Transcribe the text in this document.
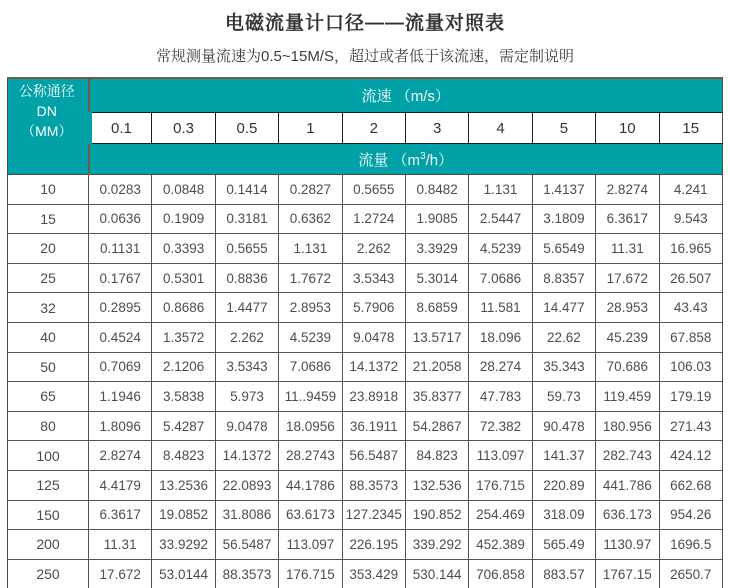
电磁流量计口径——流量对照表
常规测量流速为0.5~15M/S，超过或者低于该流速，需定制说明
公称通径DN
（MM）	流速 （m/s）									
	0.1	0.3	0.5	1	2	3	4	5	10	15
	流量 $(m^3/h)$									
10	0.0283	0.0848	0.1414	0.2827	0.5655	0.8482	1.131	1.4137	2.8274	4.241
15	0.0636	0.1909	0.3181	0.6362	1.2724	1.9085	2.5447	3.1809	6.3617	9.543
20	0.1131	0.3393	0.5655	1.131	2.262	3.3929	4.5239	5.6549	11.31	16.965
25	0.1767	0.5301	0.8836	1.7672	3.5343	5.3014	7.0686	8.8357	17.672	26.507
32	0.2895	0.8686	1.4477	2.8953	5.7906	8.6859	11.581	14.477	28.953	43.43
40	0.4524	1.3572	2.262	4.5239	9.0478	13.5717	18.096	22.62	45.239	67.858
50	0.7069	2.1206	3.5343	7.0686	14.1372	21.2058	28.274	35.343	70.686	106.03
65	1.1946	3.5838	5.973	11..9459	23.8918	35.8377	47.783	59.73	119.459	179.19
80	1.8096	5.4287	9.0478	18.0956	36.1911	54.2867	72.382	90.478	180.956	271.43
100	2.8274	8.4823	14.1372	28.2743	56.5487	84.823	113.097	141.37	282.743	424.12
125	4.4179	13.2536	22.0893	44.1786	88.3573	132.536	176.715	220.89	441.786	662.68
150	6.3617	19.0852	31.8086	63.6173	127.2345	190.852	254.469	318.09	636.173	954.26
200	11.31	33.9292	56.5487	113.097	226.195	339.292	452.389	565.49	1130.97	1696.5
250	17.672	53.0144	88.3573	176.715	353.429	530.144	706.858	883.57	1767.15	2650.7
